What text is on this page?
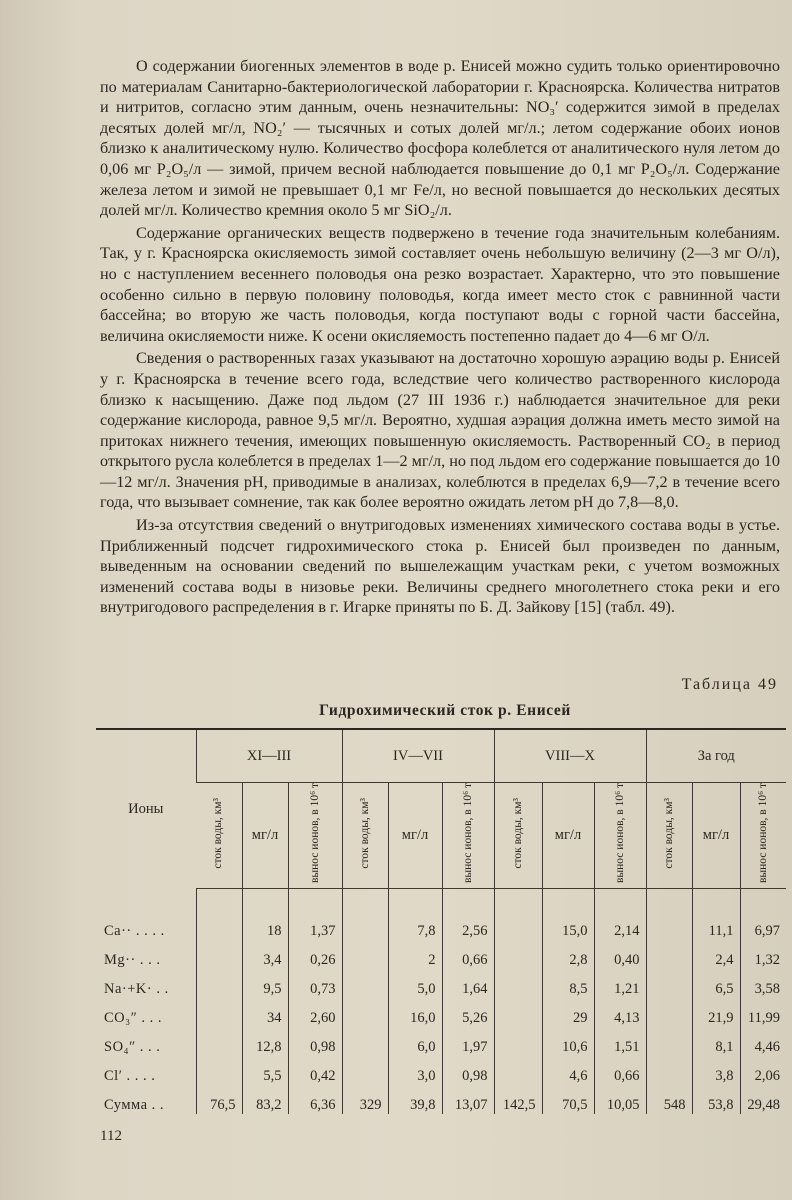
О содержании биогенных элементов в воде р. Енисей можно судить только ориентировочно по материалам Санитарно-бактериологической лаборатории г. Красноярска. Количества нитратов и нитритов, согласно этим данным, очень незначительны: NO₃′ содержится зимой в пределах десятых долей мг/л, NO₂′ — тысячных и сотых долей мг/л.; летом содержание обоих ионов близко к аналитическому нулю. Количество фосфора колеблется от аналитического нуля летом до 0,06 мг P₂O₅/л — зимой, причем весной наблюдается повышение до 0,1 мг P₂O₅/л. Содержание железа летом и зимой не превышает 0,1 мг Fe/л, но весной повышается до нескольких десятых долей мг/л. Количество кремния около 5 мг SiO₂/л.

Содержание органических веществ подвержено в течение года значительным колебаниям. Так, у г. Красноярска окисляемость зимой составляет очень небольшую величину (2—3 мг О/л), но с наступлением весеннего половодья она резко возрастает. Характерно, что это повышение особенно сильно в первую половину половодья, когда имеет место сток с равнинной части бассейна; во вторую же часть половодья, когда поступают воды с горной части бассейна, величина окисляемости ниже. К осени окисляемость постепенно падает до 4—6 мг О/л.

Сведения о растворенных газах указывают на достаточно хорошую аэрацию воды р. Енисей у г. Красноярска в течение всего года, вследствие чего количество растворенного кислорода близко к насыщению. Даже под льдом (27 III 1936 г.) наблюдается значительное для реки содержание кислорода, равное 9,5 мг/л. Вероятно, худшая аэрация должна иметь место зимой на притоках нижнего течения, имеющих повышенную окисляемость. Растворенный CO₂ в период открытого русла колеблется в пределах 1—2 мг/л, но под льдом его содержание повышается до 10—12 мг/л. Значения pH, приводимые в анализах, колеблются в пределах 6,9—7,2 в течение всего года, что вызывает сомнение, так как более вероятно ожидать летом pH до 7,8—8,0.

Из-за отсутствия сведений о внутригодовых изменениях химического состава воды в устье. Приближенный подсчет гидрохимического стока р. Енисей был произведен по данным, выведенным на основании сведений по вышележащим участкам реки, с учетом возможных изменений состава воды в низовье реки. Величины среднего многолетнего стока реки и его внутригодового распределения в г. Игарке приняты по Б. Д. Зайкову [15] (табл. 49).

Таблица 49
Гидрохимический сток р. Енисей
Ионы	XI—III			IV—VII			VIII—X			За год		
	сток воды, км³	мг/л	вынос ионов, в 10⁶ т	сток воды, км³	мг/л	вынос ионов, в 10⁶ т	сток воды, км³	мг/л	вынос ионов, в 10⁶ т	сток воды, км³	мг/л	вынос ионов, в 10⁶ т
Ca·· . . . .		18	1,37		7,8	2,56		15,0	2,14		11,1	6,97
Mg·· . . .		3,4	0,26		2	0,66		2,8	0,40		2,4	1,32
Na·+K· . .		9,5	0,73		5,0	1,64		8,5	1,21		6,5	3,58
CO₃″ . . .		34	2,60		16,0	5,26		29	4,13		21,9	11,99
SO₄″ . . .		12,8	0,98		6,0	1,97		10,6	1,51		8,1	4,46
Cl′ . . . .		5,5	0,42		3,0	0,98		4,6	0,66		3,8	2,06
Сумма . .	76,5	83,2	6,36	329	39,8	13,07	142,5	70,5	10,05	548	53,8	29,48
112
